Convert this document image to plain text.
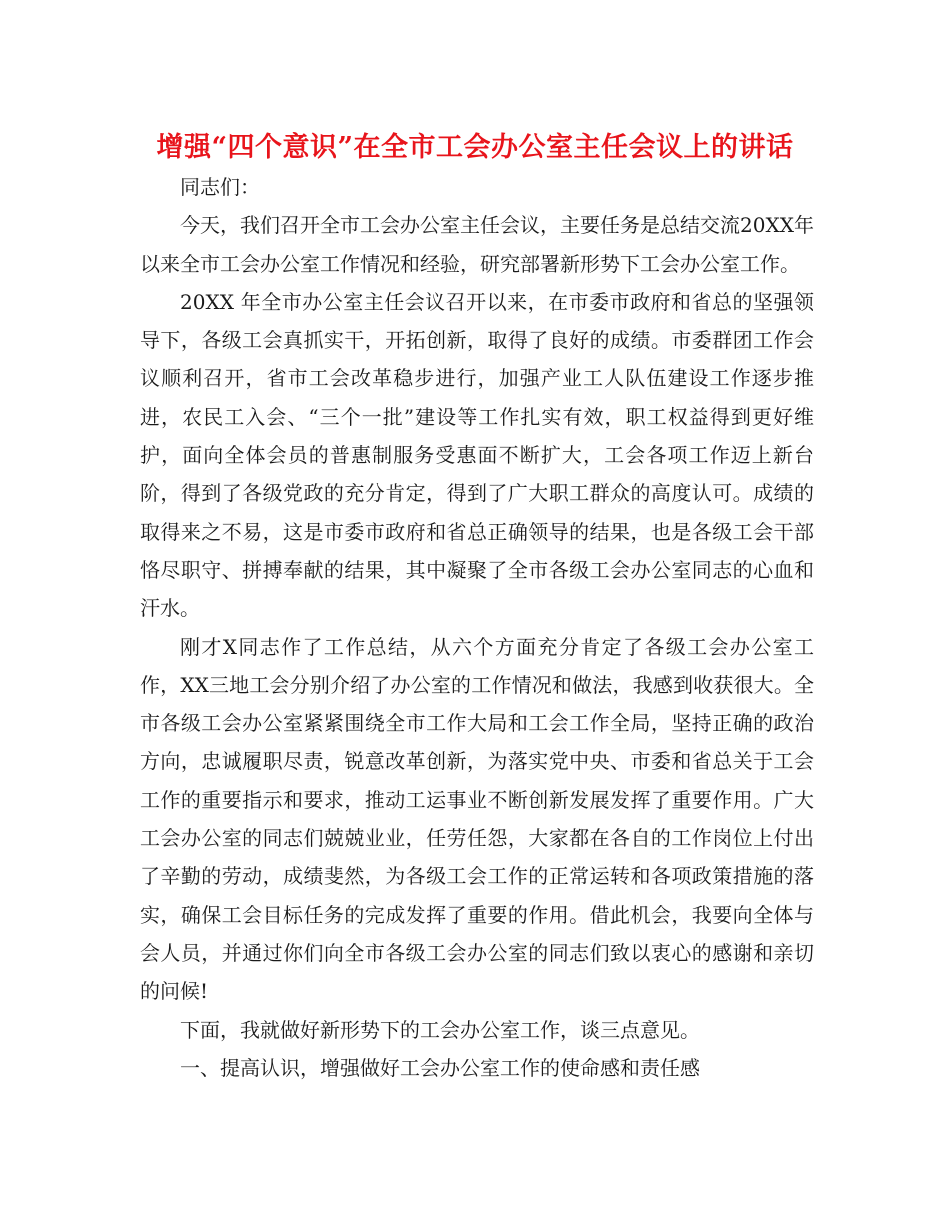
增强“四个意识”在全市工会办公室主任会议上的讲话

同志们：

今天，我们召开全市工会办公室主任会议，主要任务是总结交流20XX年以来全市工会办公室工作情况和经验，研究部署新形势下工会办公室工作。

20XX 年全市办公室主任会议召开以来，在市委市政府和省总的坚强领导下，各级工会真抓实干，开拓创新，取得了良好的成绩。市委群团工作会议顺利召开，省市工会改革稳步进行，加强产业工人队伍建设工作逐步推进，农民工入会、“三个一批”建设等工作扎实有效，职工权益得到更好维护，面向全体会员的普惠制服务受惠面不断扩大，工会各项工作迈上新台阶，得到了各级党政的充分肯定，得到了广大职工群众的高度认可。成绩的取得来之不易，这是市委市政府和省总正确领导的结果，也是各级工会干部恪尽职守、拼搏奉献的结果，其中凝聚了全市各级工会办公室同志的心血和汗水。

刚才X同志作了工作总结，从六个方面充分肯定了各级工会办公室工作，XX三地工会分别介绍了办公室的工作情况和做法，我感到收获很大。全市各级工会办公室紧紧围绕全市工作大局和工会工作全局，坚持正确的政治方向，忠诚履职尽责，锐意改革创新，为落实党中央、市委和省总关于工会工作的重要指示和要求，推动工运事业不断创新发展发挥了重要作用。广大工会办公室的同志们兢兢业业，任劳任怨，大家都在各自的工作岗位上付出了辛勤的劳动，成绩斐然，为各级工会工作的正常运转和各项政策措施的落实，确保工会目标任务的完成发挥了重要的作用。借此机会，我要向全体与会人员，并通过你们向全市各级工会办公室的同志们致以衷心的感谢和亲切的问候!

下面，我就做好新形势下的工会办公室工作，谈三点意见。

一、提高认识，增强做好工会办公室工作的使命感和责任感
